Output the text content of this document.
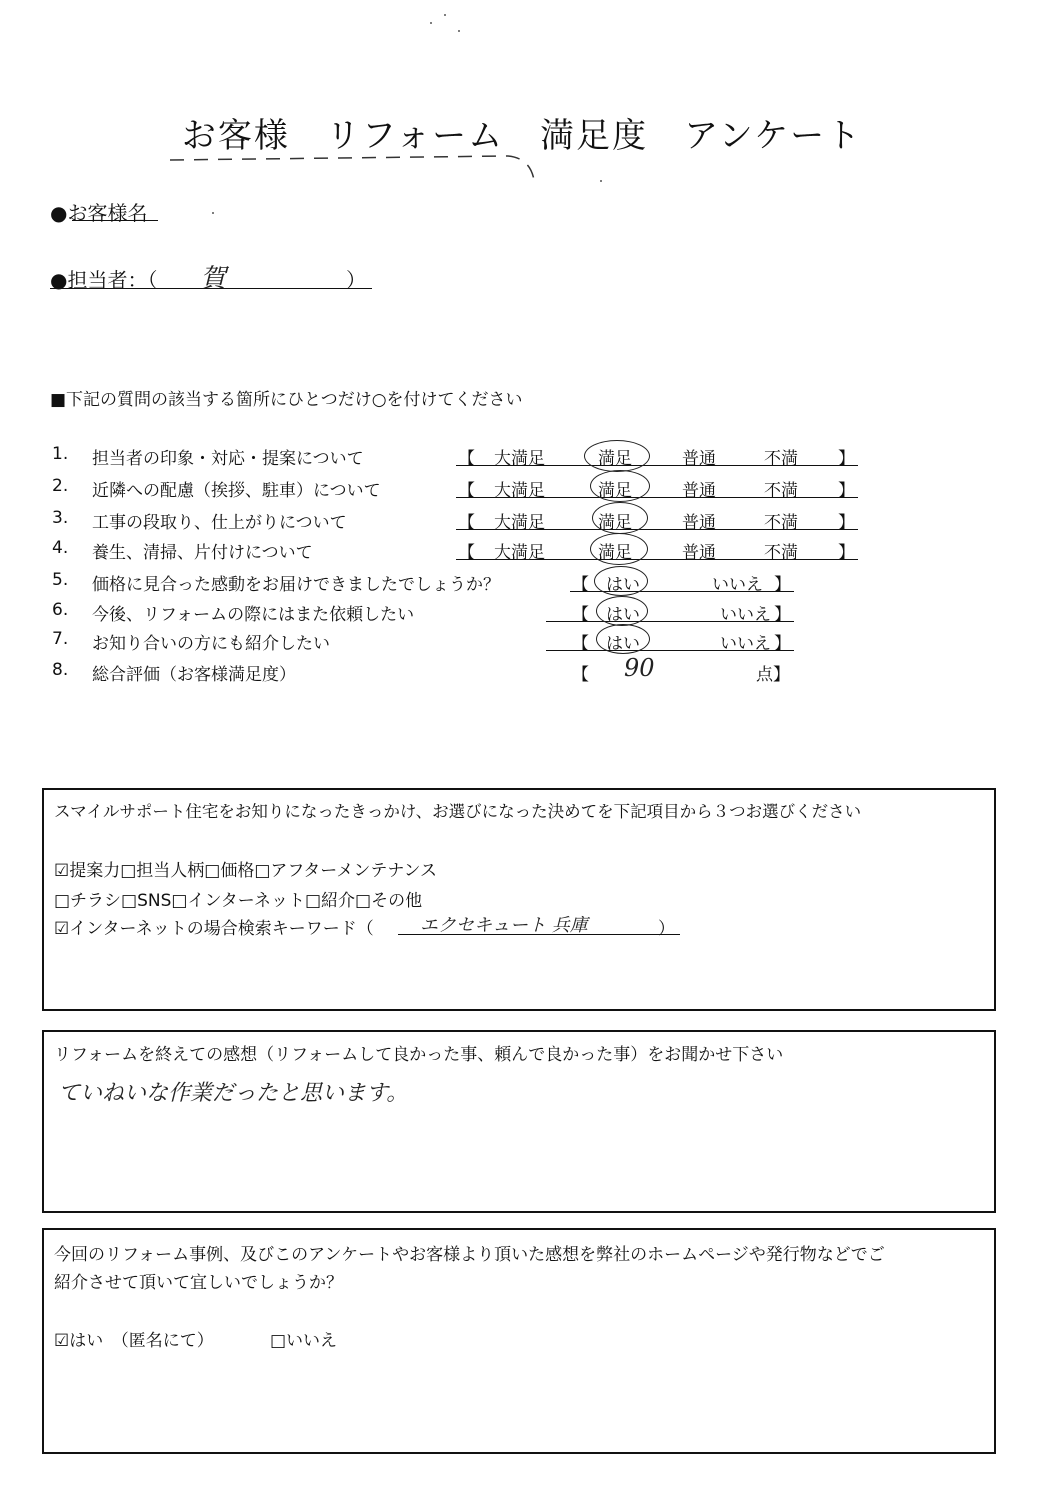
お客様　リフォーム　満足度　アンケート
●お客様名
●担当者：（ 賀	）
■下記の質問の該当する箇所にひとつだけ○を付けてください
1. 担当者の印象・対応・提案について	【 大満足	満足	普通	不満 】
2. 近隣への配慮（挨拶、駐車）について	【 大満足	満足	普通	不満 】
3. 工事の段取り、仕上がりについて	【 大満足	満足	普通	不満 】
4. 養生、清掃、片付けについて	【 大満足	満足	普通	不満 】
5. 価格に見合った感動をお届けできましたでしょうか？	【 はい	いいえ 】
6. 今後、リフォームの際にはまた依頼したい	【 はい	いいえ 】
7. お知り合いの方にも紹介したい	【 はい	いいえ 】
8. 総合評価（お客様満足度）	【 90	点】
スマイルサポート住宅をお知りになったきっかけ、お選びになった決めてを下記項目から３つお選びください
☑提案力□担当人柄□価格□アフターメンテナンス
□チラシ□SNS□インターネット□紹介□その他
☑インターネットの場合検索キーワード（	エクセキュート 兵庫	）
リフォームを終えての感想（リフォームして良かった事、頼んで良かった事）をお聞かせ下さい
ていねいな作業だったと思います。
今回のリフォーム事例、及びこのアンケートやお客様より頂いた感想を弊社のホームページや発行物などでご
紹介させて頂いて宜しいでしょうか？
☑はい　（匿名にて）	□いいえ
